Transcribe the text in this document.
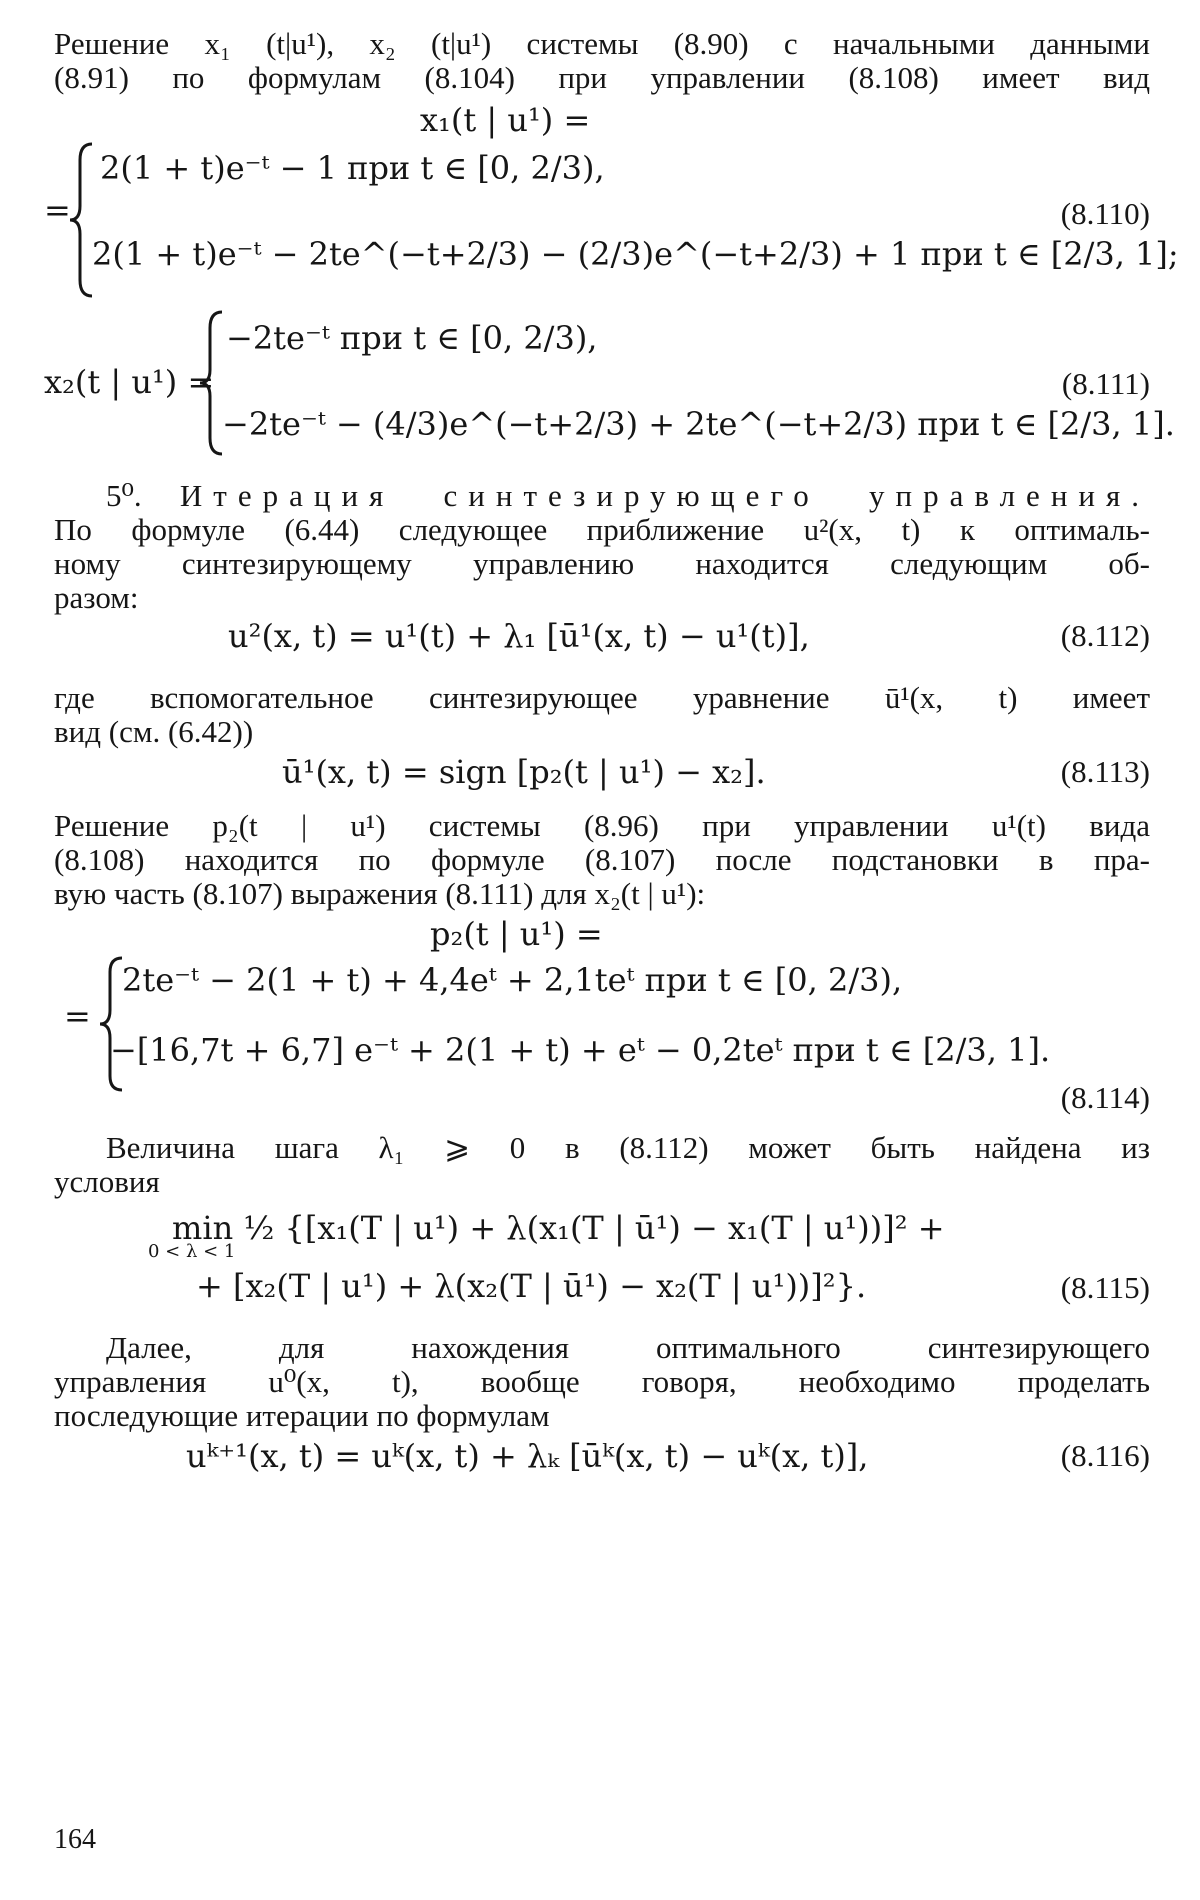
Решение x₁ (t|u¹), x₂ (t|u¹) системы (8.90) с начальными данными

(8.91) по формулам (8.104) при управлении (8.108) имеет вид

x₁(t | u¹) =
=
2(1 + t)e⁻ᵗ − 1 при t ∈ [0, 2/3),
2(1 + t)e⁻ᵗ − 2te^(−t+2/3) − (2/3)e^(−t+2/3) + 1 при t ∈ [2/3, 1];
(8.110)
x₂(t | u¹) =
−2te⁻ᵗ при t ∈ [0, 2/3),
−2te⁻ᵗ − (4/3)e^(−t+2/3) + 2te^(−t+2/3) при t ∈ [2/3, 1].
(8.111)

5⁰. Итерация синтезирующего управления.

По формуле (6.44) следующее приближение u²(x, t) к оптималь-

ному синтезирующему управлению находится следующим об-

разом:

u²(x, t) = u¹(t) + λ₁ [ū¹(x, t) − u¹(t)],	(8.112)

где вспомогательное синтезирующее уравнение ū¹(x, t) имеет

вид (см. (6.42))

ū¹(x, t) = sign [p₂(t | u¹) − x₂].	(8.113)

Решение p₂(t | u¹) системы (8.96) при управлении u¹(t) вида

(8.108) находится по формуле (8.107) после подстановки в пра-

вую часть (8.107) выражения (8.111) для x₂(t | u¹):

p₂(t | u¹) =
=
2te⁻ᵗ − 2(1 + t) + 4,4eᵗ + 2,1teᵗ при t ∈ [0, 2/3),
−[16,7t + 6,7] e⁻ᵗ + 2(1 + t) + eᵗ − 0,2teᵗ при t ∈ [2/3, 1].
(8.114)

Величина шага λ₁ ⩾ 0 в (8.112) может быть найдена из

условия

min ½ {[x₁(T | u¹) + λ(x₁(T | ū¹) − x₁(T | u¹))]² +
0 < λ < 1
+ [x₂(T | u¹) + λ(x₂(T | ū¹) − x₂(T | u¹))]²}.	(8.115)

Далее, для нахождения оптимального синтезирующего

управления u⁰(x, t), вообще говоря, необходимо проделать

последующие итерации по формулам

uᵏ⁺¹(x, t) = uᵏ(x, t) + λₖ [ūᵏ(x, t) − uᵏ(x, t)],	(8.116)
164
